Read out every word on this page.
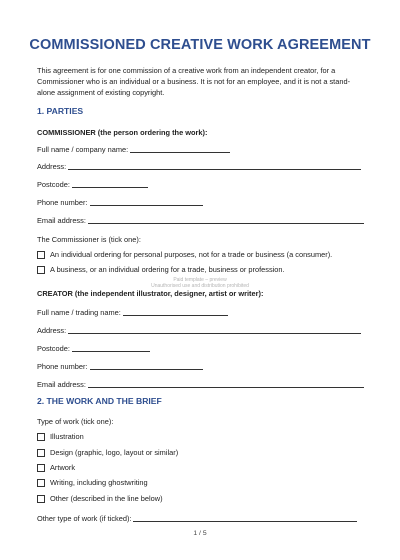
COMMISSIONED CREATIVE WORK AGREEMENT
This agreement is for one commission of a creative work from an independent creator, for a Commissioner who is an individual or a business. It is not for an employee, and it is not a stand-alone assignment of existing copyright.
1. PARTIES
COMMISSIONER (the person ordering the work):
Full name / company name:
Address:
Postcode:
Phone number:
Email address:
The Commissioner is (tick one):
An individual ordering for personal purposes, not for a trade or business (a consumer).
A business, or an individual ordering for a trade, business or profession.
Paid template – preview
Unauthorised use and distribution prohibited
CREATOR (the independent illustrator, designer, artist or writer):
Full name / trading name:
Address:
Postcode:
Phone number:
Email address:
2. THE WORK AND THE BRIEF
Type of work (tick one):
Illustration
Design (graphic, logo, layout or similar)
Artwork
Writing, including ghostwriting
Other (described in the line below)
Other type of work (if ticked):
1 / 5
